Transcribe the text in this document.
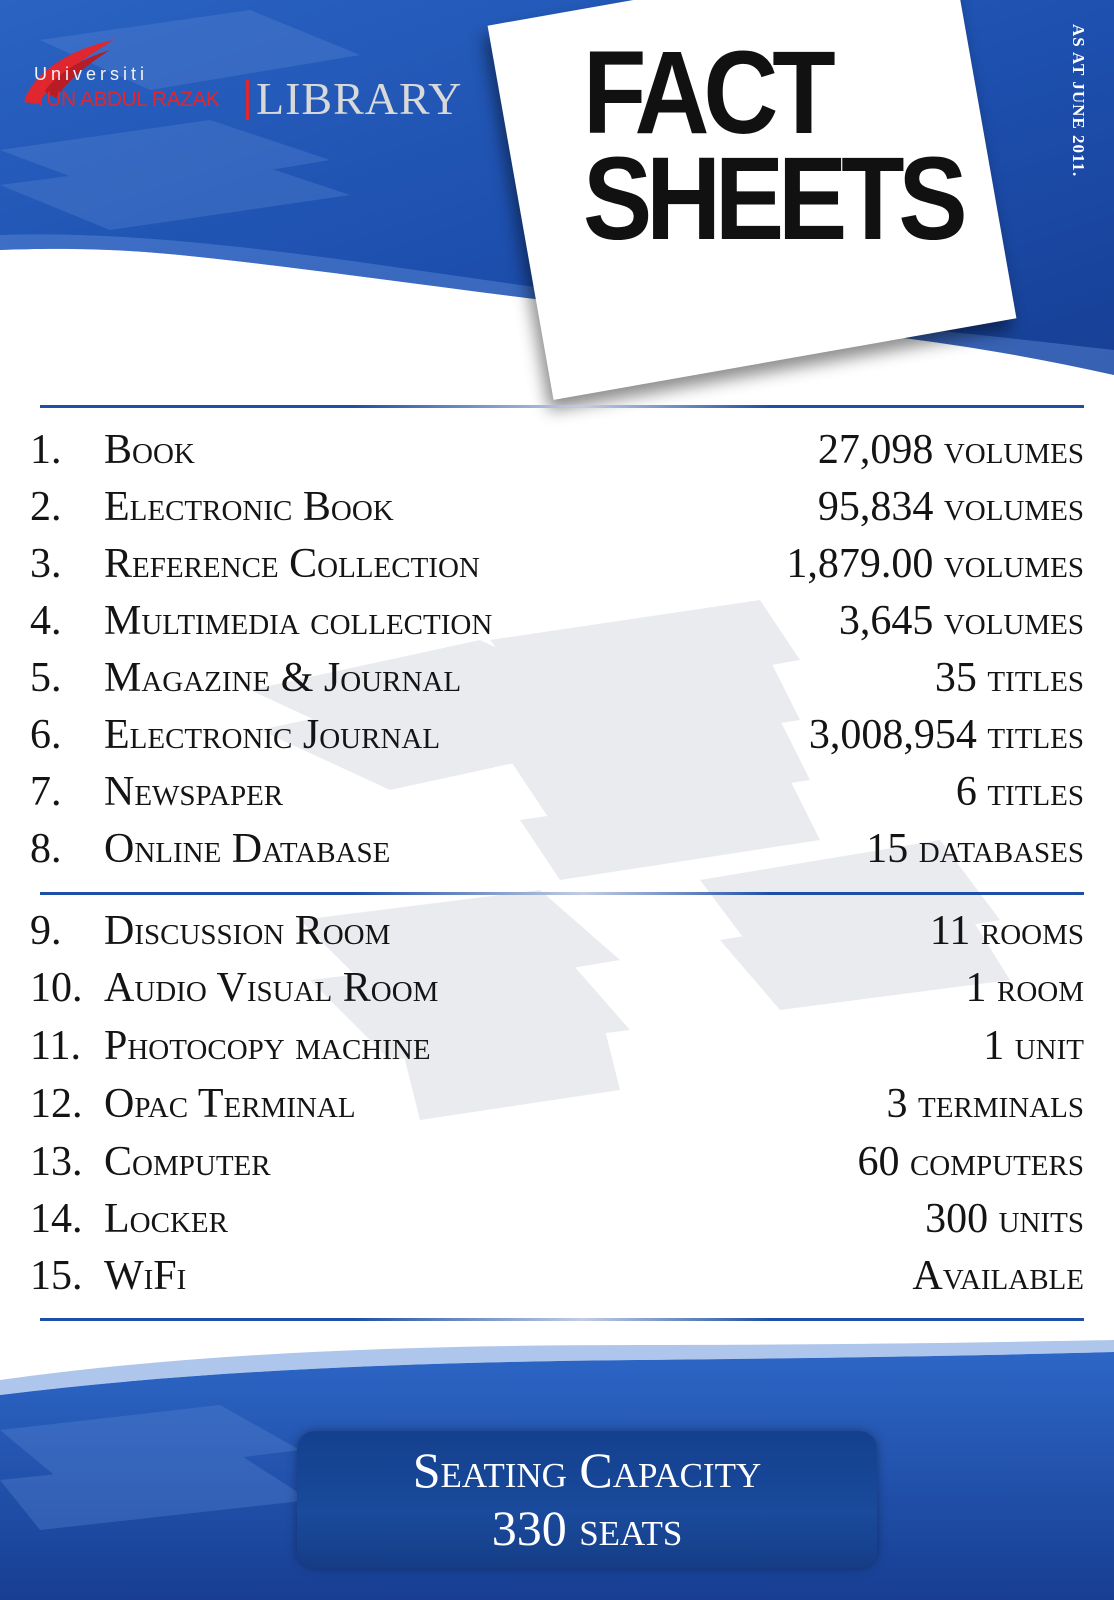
Universiti
TUN ABDUL RAZAK LIBRARY FACT
SHEETS
AS AT JUNE 2011.
1. Book	27,098 volumes
2. Electronic Book	95,834 volumes
3. Reference Collection	1,879.00 volumes
4. Multimedia collection	3,645 volumes
5. Magazine & Journal	35 titles
6. Electronic Journal	3,008,954 titles
7. Newspaper	6 titles
8. Online Database	15 databases
9. Discussion Room	11 rooms
10. Audio Visual Room	1 room
11. Photocopy machine	1 unit
12. Opac Terminal	3 terminals
13. Computer	60 computers
14. Locker	300 units
15. WiFi	Available
Seating Capacity
330 seats
